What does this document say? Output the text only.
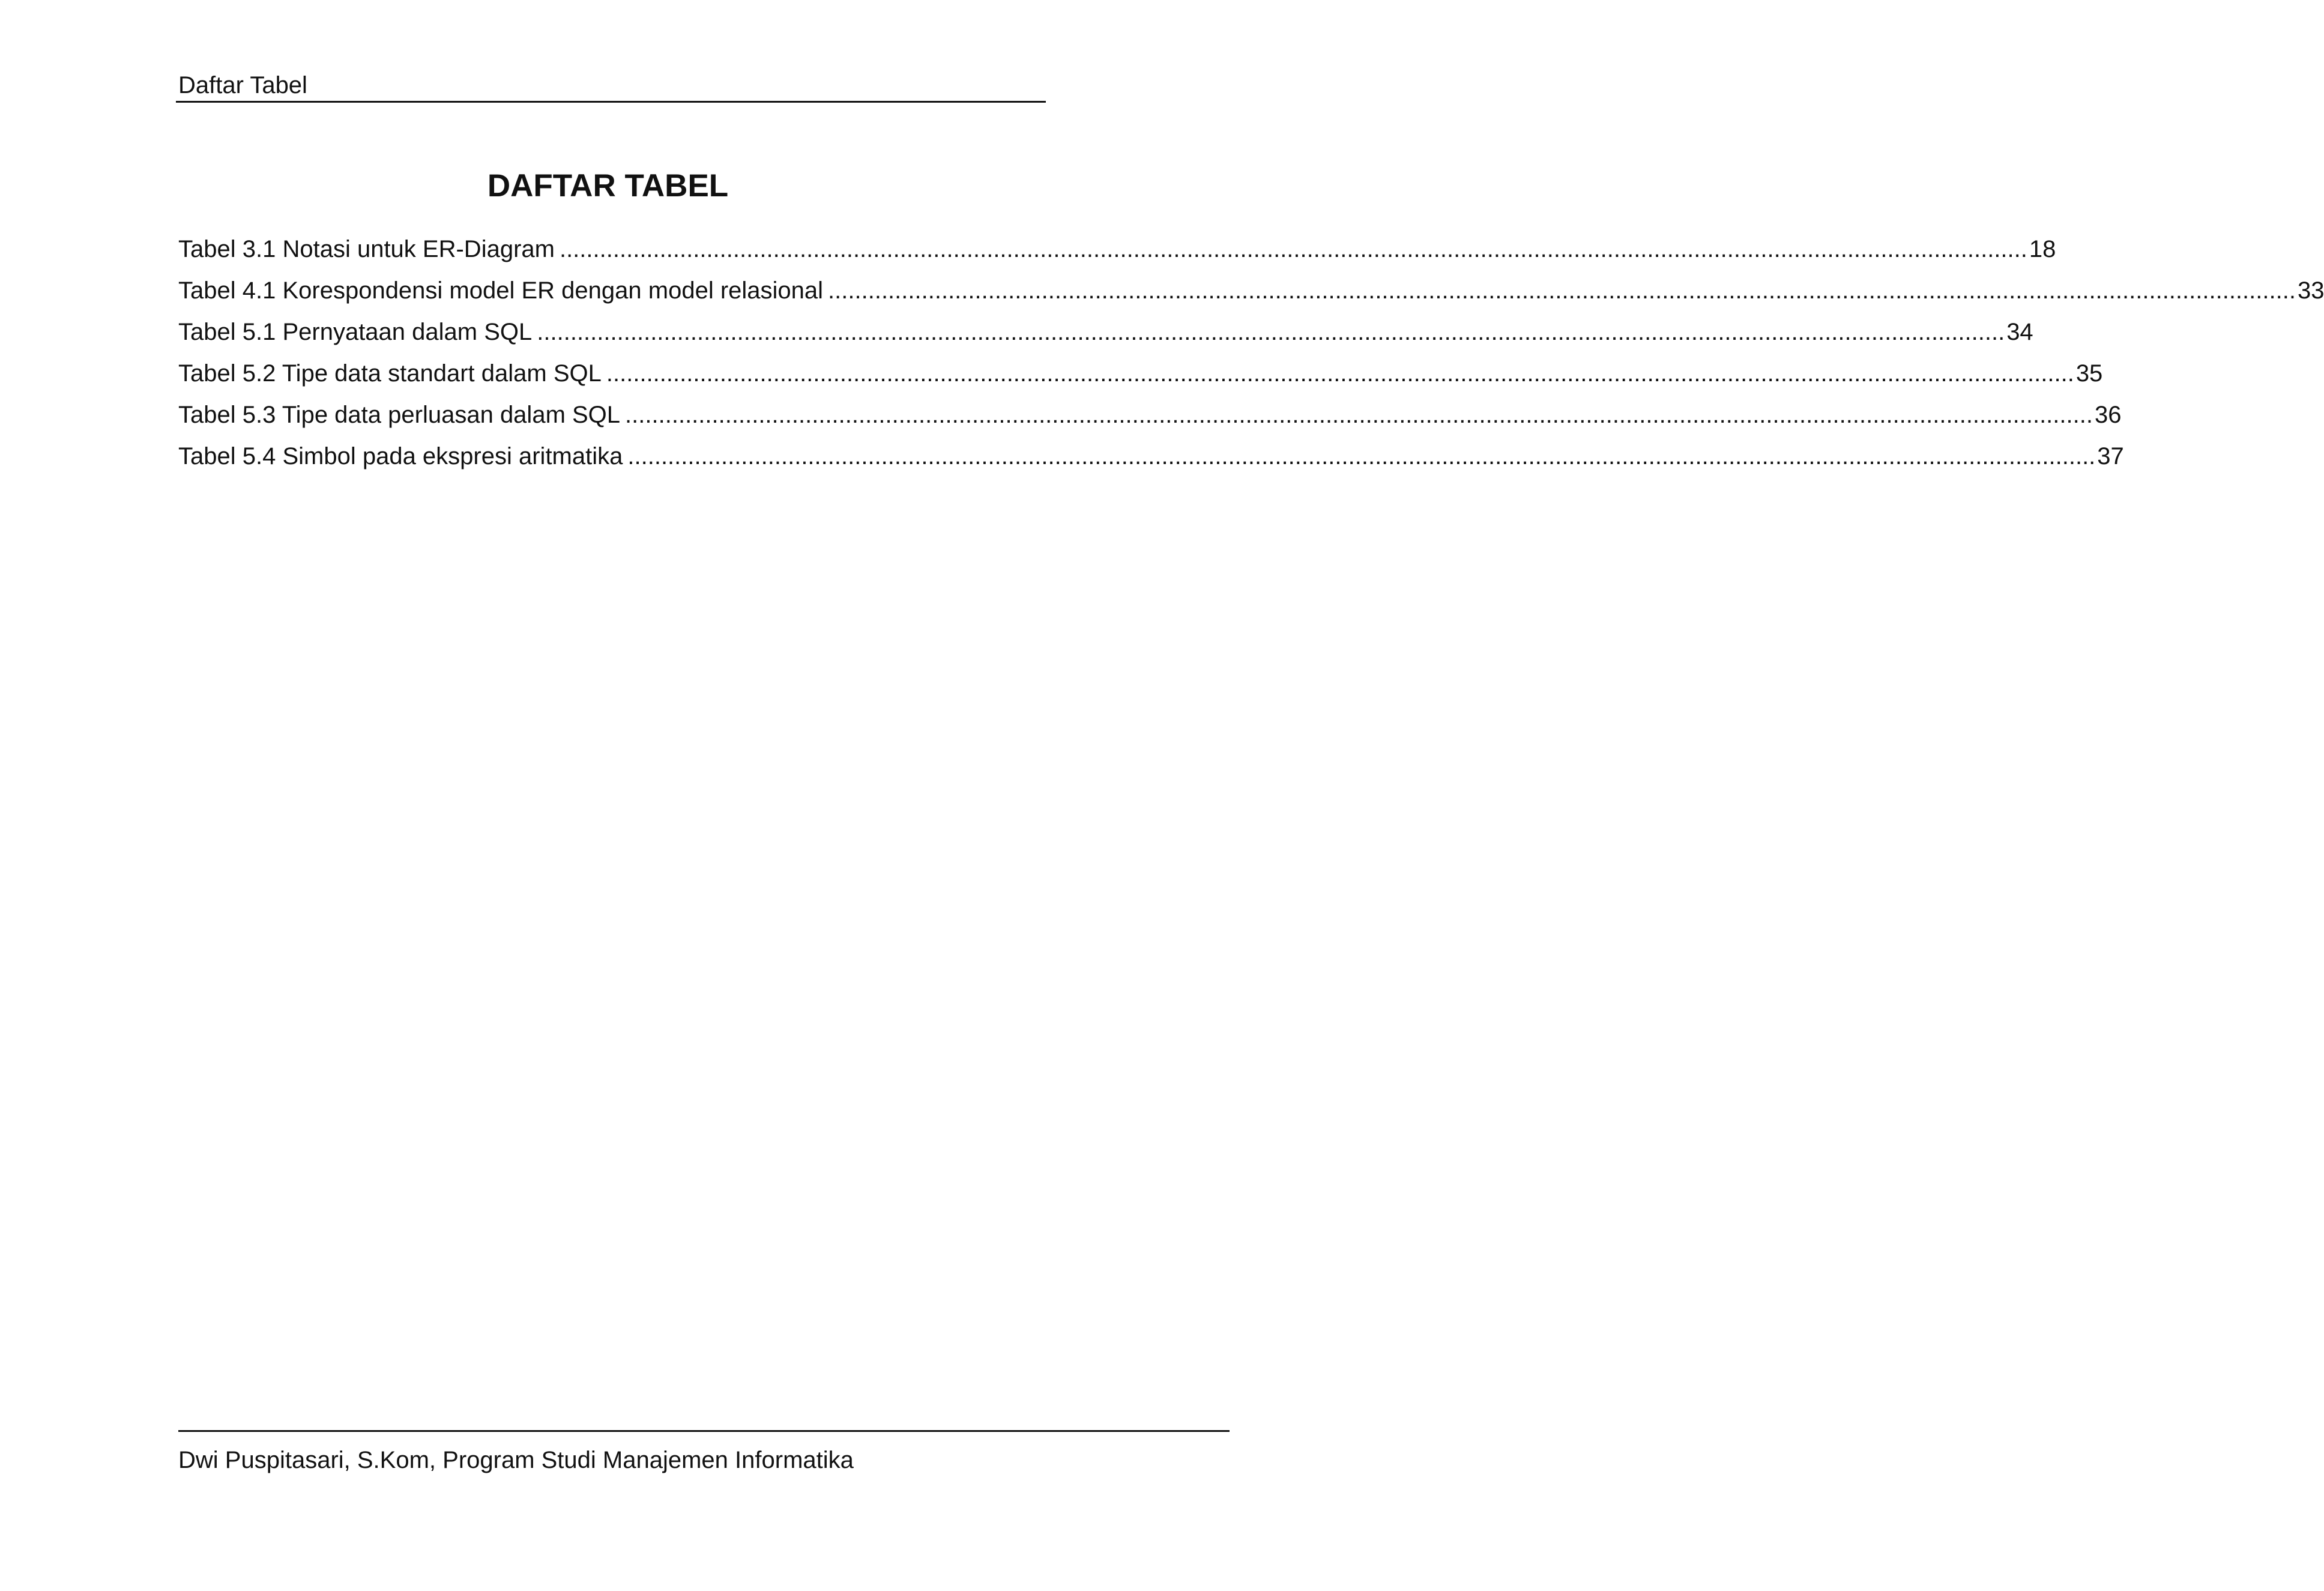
Daftar Tabel
DAFTAR TABEL
Tabel 3.1 Notasi untuk ER-Diagram ............................................................................................................................................................................................................................ 18
Tabel 4.1 Korespondensi model ER dengan model relasional ............................................................................................................................................................................................................................ 33
Tabel 5.1 Pernyataan dalam SQL ............................................................................................................................................................................................................................ 34
Tabel 5.2 Tipe data standart dalam SQL ............................................................................................................................................................................................................................ 35
Tabel 5.3 Tipe data perluasan dalam SQL ............................................................................................................................................................................................................................ 36
Tabel 5.4 Simbol pada ekspresi aritmatika ............................................................................................................................................................................................................................ 37
Dwi Puspitasari, S.Kom, Program Studi Manajemen Informatika
